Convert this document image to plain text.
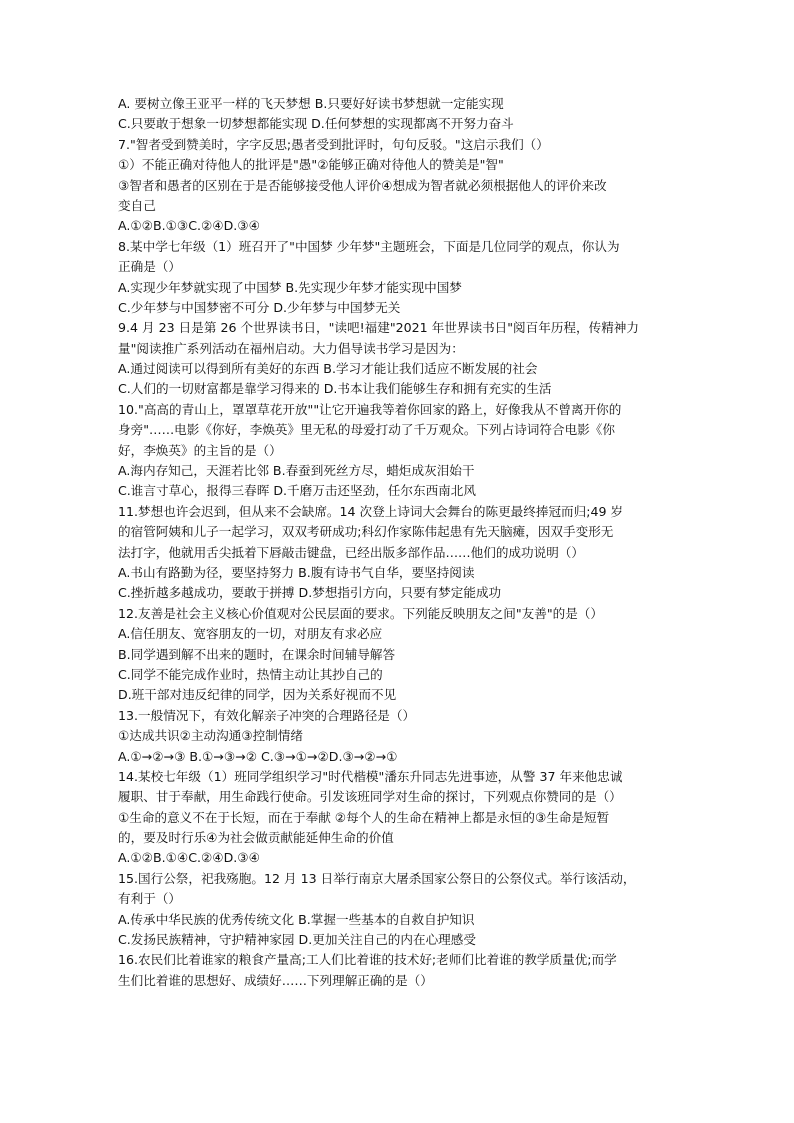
A. 要树立像王亚平一样的飞天梦想 B.只要好好读书梦想就一定能实现
C.只要敢于想象一切梦想都能实现 D.任何梦想的实现都离不开努力奋斗
7."智者受到赞美时，字字反思;愚者受到批评时，句句反驳。"这启示我们（）
①）不能正确对待他人的批评是"愚"②能够正确对待他人的赞美是"智"
③智者和愚者的区别在于是否能够接受他人评价④想成为智者就必须根据他人的评价来改
变自己
A.①②B.①③C.②④D.③④
8.某中学七年级（1）班召开了"中国梦 少年梦"主题班会，下面是几位同学的观点，你认为
正确是（）
A.实现少年梦就实现了中国梦 B.先实现少年梦才能实现中国梦
C.少年梦与中国梦密不可分 D.少年梦与中国梦无关
9.4 月 23 日是第 26 个世界读书日，"读吧!福建"2021 年世界读书日"阅百年历程，传精神力
量"阅读推广系列活动在福州启动。大力倡导读书学习是因为：
A.通过阅读可以得到所有美好的东西 B.学习才能让我们适应不断发展的社会
C.人们的一切财富都是靠学习得来的 D.书本让我们能够生存和拥有充实的生活
10."高高的青山上，罩罩草花开放""让它开遍我等着你回家的路上，好像我从不曾离开你的
身旁"……电影《你好，李焕英》里无私的母爱打动了千万观众。下列占诗词符合电影《你
好，李焕英》的主旨的是（）
A.海内存知己，天涯若比邻 B.春蚕到死丝方尽，蜡炬成灰泪始干
C.谁言寸草心，报得三春晖 D.千磨万击还坚劲，任尔东西南北风
11.梦想也许会迟到，但从来不会缺席。14 次登上诗词大会舞台的陈更最终捧冠而归;49 岁
的宿管阿姨和儿子一起学习，双双考研成功;科幻作家陈伟起患有先天脑瘫，因双手变形无
法打字，他就用舌尖抵着下唇敲击键盘，已经出版多部作品……他们的成功说明（）
A.书山有路勤为径，要坚持努力 B.腹有诗书气自华，要坚持阅读
C.挫折越多越成功，要敢于拼搏 D.梦想指引方向，只要有梦定能成功
12.友善是社会主义核心价值观对公民层面的要求。下列能反映朋友之间"友善"的是（）
A.信任朋友、宽容朋友的一切，对朋友有求必应
B.同学遇到解不出来的题时，在课余时间辅导解答
C.同学不能完成作业时，热情主动让其抄自己的
D.班干部对违反纪律的同学，因为关系好视而不见
13.一般情况下，有效化解亲子冲突的合理路径是（）
①达成共识②主动沟通③控制情绪
A.①→②→③ B.①→③→② C.③→①→②D.③→②→①
14.某校七年级（1）班同学组织学习"时代楷模"潘东升同志先进事迹，从警 37 年来他忠诚
履职、甘于奉献，用生命践行使命。引发该班同学对生命的探讨，下列观点你赞同的是（）
①生命的意义不在于长短，而在于奉献 ②每个人的生命在精神上都是永恒的③生命是短暂
的，要及时行乐④为社会做贡献能延伸生命的价值
A.①②B.①④C.②④D.③④
15.国行公祭，祀我殇胞。12 月 13 日举行南京大屠杀国家公祭日的公祭仪式。举行该活动，
有利于（）
A.传承中华民族的优秀传统文化 B.掌握一些基本的自救自护知识
C.发扬民族精神，守护精神家园 D.更加关注自己的内在心理感受
16.农民们比着谁家的粮食产量高;工人们比着谁的技术好;老师们比着谁的教学质量优;而学
生们比着谁的思想好、成绩好……下列理解正确的是（）
